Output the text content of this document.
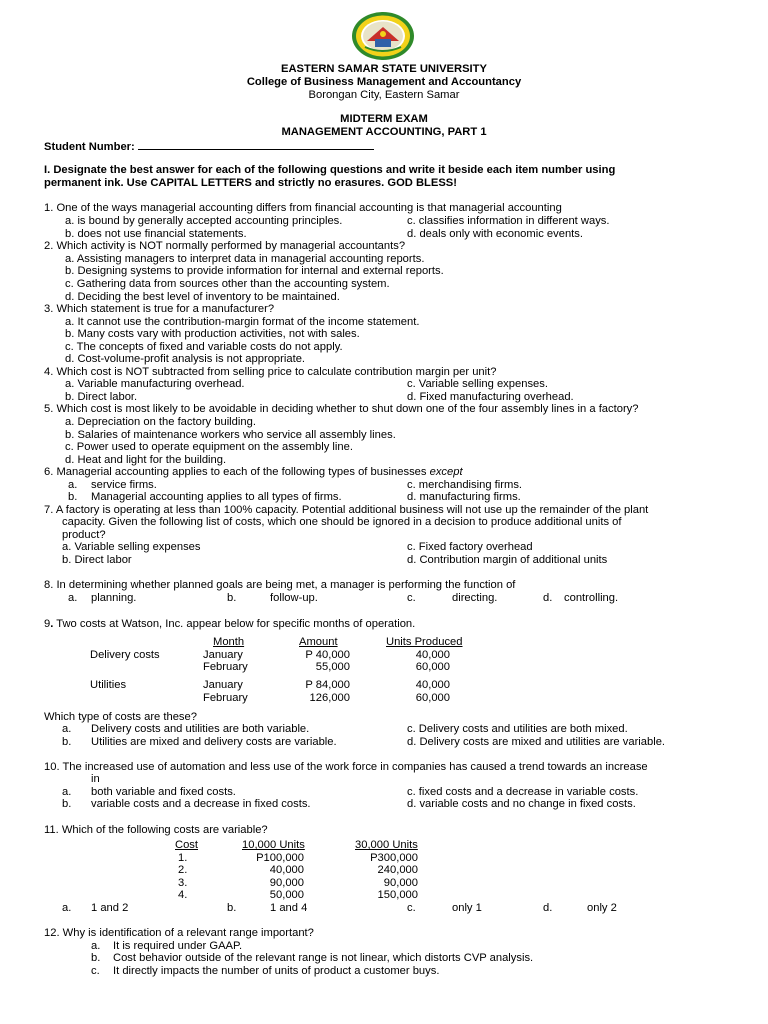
EASTERN SAMAR STATE UNIVERSITY
College of Business Management and Accountancy
Borongan City, Eastern Samar
MIDTERM EXAM
MANAGEMENT ACCOUNTING, PART 1
Student Number:
I. Designate the best answer for each of the following questions and write it beside each item number using
permanent ink. Use CAPITAL LETTERS and strictly no erasures. GOD BLESS!
1. One of the ways managerial accounting differs from financial accounting is that managerial accounting
a. is bound by generally accepted accounting principles.	c. classifies information in different ways.
b. does not use financial statements.	d. deals only with economic events.
2. Which activity is NOT normally performed by managerial accountants?
a. Assisting managers to interpret data in managerial accounting reports.
b. Designing systems to provide information for internal and external reports.
c. Gathering data from sources other than the accounting system.
d. Deciding the best level of inventory to be maintained.
3. Which statement is true for a manufacturer?
a. It cannot use the contribution-margin format of the income statement.
b. Many costs vary with production activities, not with sales.
c. The concepts of fixed and variable costs do not apply.
d. Cost-volume-profit analysis is not appropriate.
4. Which cost is NOT subtracted from selling price to calculate contribution margin per unit?
a. Variable manufacturing overhead.	c. Variable selling expenses.
b. Direct labor.	d. Fixed manufacturing overhead.
5. Which cost is most likely to be avoidable in deciding whether to shut down one of the four assembly lines in a factory?
a. Depreciation on the factory building.
b. Salaries of maintenance workers who service all assembly lines.
c. Power used to operate equipment on the assembly line.
d. Heat and light for the building.
6. Managerial accounting applies to each of the following types of businesses except
a. service firms.	c. merchandising firms.
b. Managerial accounting applies to all types of firms.	d. manufacturing firms.
7. A factory is operating at less than 100% capacity. Potential additional business will not use up the remainder of the plant
capacity. Given the following list of costs, which one should be ignored in a decision to produce additional units of
product?
a. Variable selling expenses	c. Fixed factory overhead
b. Direct labor	d. Contribution margin of additional units
8. In determining whether planned goals are being met, a manager is performing the function of
a. planning.	b.	follow-up.	c.	directing.	d. controlling.
9. Two costs at Watson, Inc. appear below for specific months of operation.
Month	Amount	Units Produced
Delivery costs	January	P 40,000	40,000
February	55,000	60,000
Utilities	January	P 84,000	40,000
February	126,000	60,000
Which type of costs are these?
a. Delivery costs and utilities are both variable.	c. Delivery costs and utilities are both mixed.
b. Utilities are mixed and delivery costs are variable.	d. Delivery costs are mixed and utilities are variable.
10. The increased use of automation and less use of the work force in companies has caused a trend towards an increase
in
a. both variable and fixed costs.	c. fixed costs and a decrease in variable costs.
b. variable costs and a decrease in fixed costs.	d. variable costs and no change in fixed costs.
11. Which of the following costs are variable?
Cost	10,000 Units	30,000 Units
1.	P100,000	P300,000
2.	40,000	240,000
3.	90,000	90,000
4.	50,000	150,000
a. 1 and 2	b.	1 and 4	c.	only 1	d.	only 2
12. Why is identification of a relevant range important?
a. It is required under GAAP.
b. Cost behavior outside of the relevant range is not linear, which distorts CVP analysis.
c. It directly impacts the number of units of product a customer buys.
